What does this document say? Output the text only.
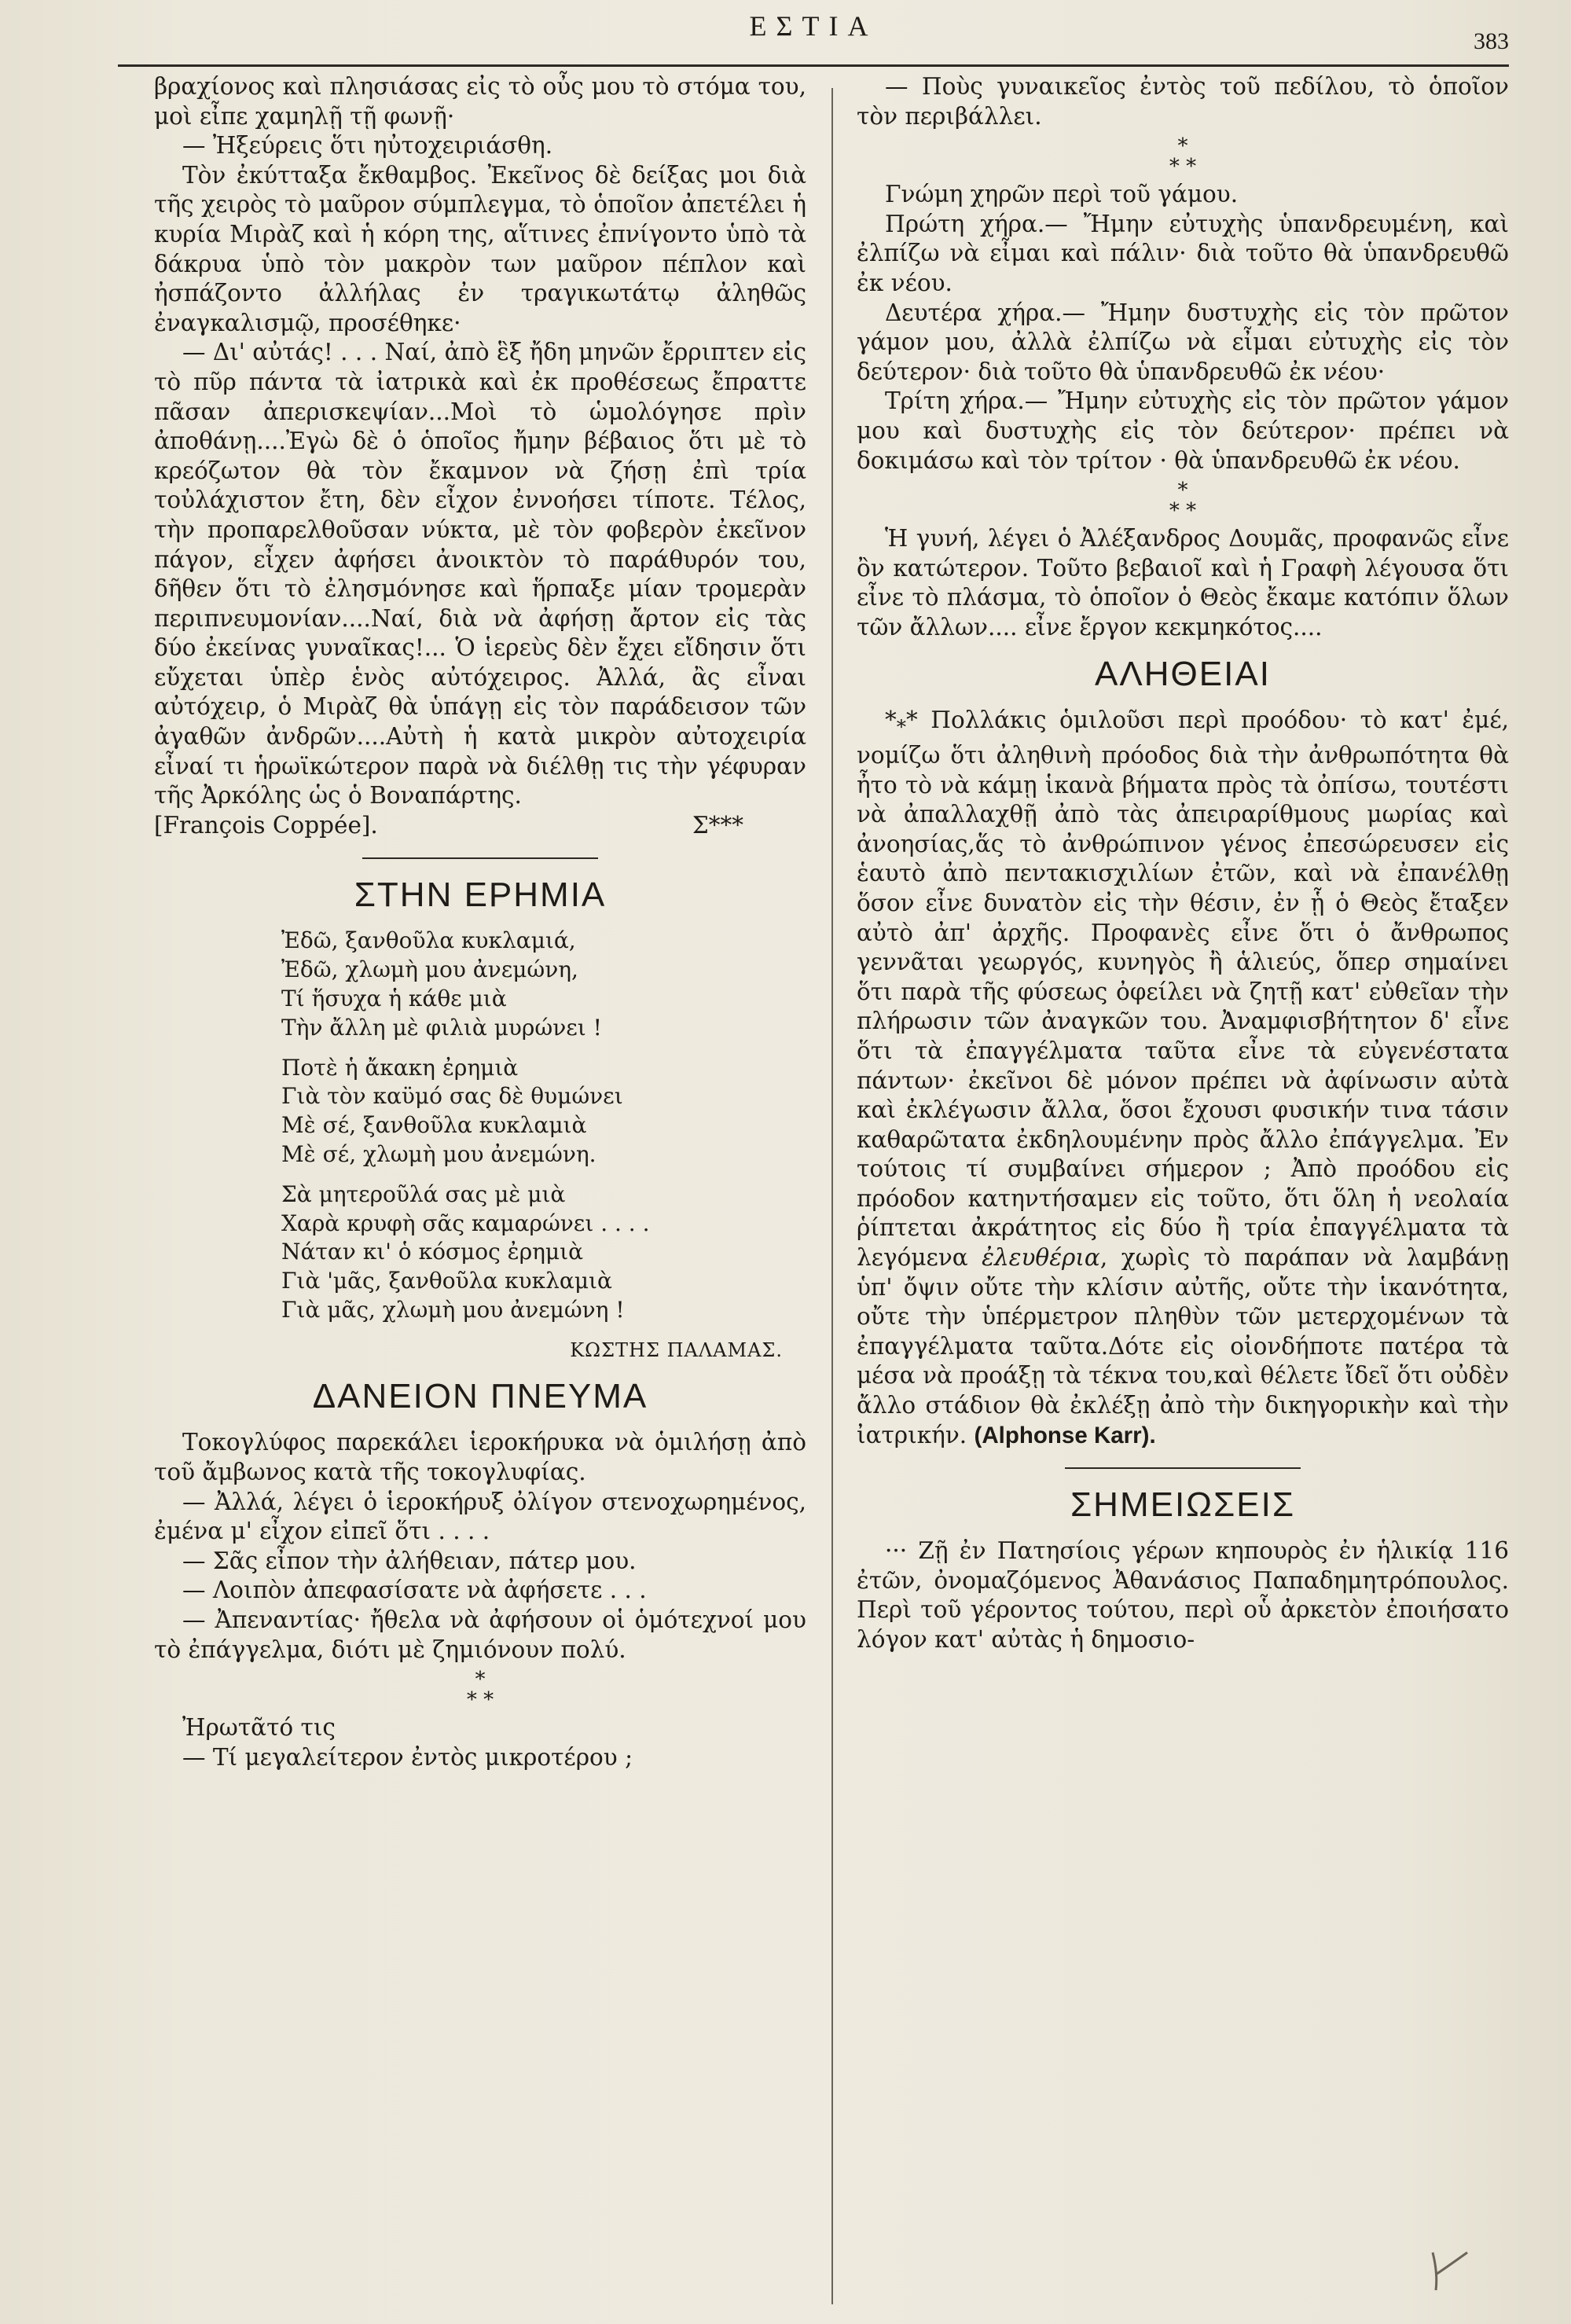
ΕΣΤΙΑ	383

βραχίονος καὶ πλησιάσας εἰς τὸ οὖς μου τὸ στόμα του, μοὶ εἶπε χαμηλῇ τῇ φωνῇ·

— Ἠξεύρεις ὅτι ηὐτοχειριάσθη.

Τὸν ἐκύτταξα ἔκθαμβος. Ἐκεῖνος δὲ δείξας μοι διὰ τῆς χειρὸς τὸ μαῦρον σύμπλεγμα, τὸ ὁποῖον ἀπετέλει ἡ κυρία Μιρὰζ καὶ ἡ κόρη της, αἵτινες ἐπνίγοντο ὑπὸ τὰ δάκρυα ὑπὸ τὸν μακρὸν των μαῦρον πέπλον καὶ ἠσπάζοντο ἀλλήλας ἐν τραγικωτάτῳ ἀληθῶς ἐναγκαλισμῷ, προσέθηκε·

— Δι' αὐτάς! . . . Ναί, ἀπὸ ἓξ ἤδη μηνῶν ἔρριπτεν εἰς τὸ πῦρ πάντα τὰ ἰατρικὰ καὶ ἐκ προθέσεως ἔπραττε πᾶσαν ἀπερισκεψίαν...Μοὶ τὸ ὡμολόγησε πρὶν ἀποθάνῃ....Ἐγὼ δὲ ὁ ὁποῖος ἤμην βέβαιος ὅτι μὲ τὸ κρεόζωτον θὰ τὸν ἔκαμνον νὰ ζήσῃ ἐπὶ τρία τοὐλάχιστον ἔτη, δὲν εἶχον ἐννοήσει τίποτε. Τέλος, τὴν προπαρελθοῦσαν νύκτα, μὲ τὸν φοβερὸν ἐκεῖνον πάγον, εἶχεν ἀφήσει ἀνοικτὸν τὸ παράθυρόν του, δῆθεν ὅτι τὸ ἐλησμόνησε καὶ ἥρπαξε μίαν τρομερὰν περιπνευμονίαν....Ναί, διὰ νὰ ἀφήσῃ ἄρτον εἰς τὰς δύο ἐκείνας γυναῖκας!... Ὁ ἱερεὺς δὲν ἔχει εἴδησιν ὅτι εὔχεται ὑπὲρ ἑνὸς αὐτόχειρος. Ἀλλά, ἂς εἶναι αὐτόχειρ, ὁ Μιρὰζ θὰ ὑπάγῃ εἰς τὸν παράδεισον τῶν ἀγαθῶν ἀνδρῶν....Αὐτὴ ἡ κατὰ μικρὸν αὐτοχειρία εἶναί τι ἡρωϊκώτερον παρὰ νὰ διέλθῃ τις τὴν γέφυραν τῆς Ἀρκόλης ὡς ὁ Βοναπάρτης.

[François Coppée].	Σ***
ΣΤΗΝ ΕΡΗΜΙΑ
Ἐδῶ, ξανθοῦλα κυκλαμιά,
Ἐδῶ, χλωμὴ μου ἀνεμώνη,
Τί ἥσυχα ἡ κάθε μιὰ
Τὴν ἄλλη μὲ φιλιὰ μυρώνει !
Ποτὲ ἡ ἄκακη ἐρημιὰ
Γιὰ τὸν καϋμό σας δὲ θυμώνει
Μὲ σέ, ξανθοῦλα κυκλαμιὰ
Μὲ σέ, χλωμὴ μου ἀνεμώνη.
Σὰ μητεροῦλά σας μὲ μιὰ
Χαρὰ κρυφὴ σᾶς καμαρώνει . . . .
Νάταν κι' ὁ κόσμος ἐρημιὰ
Γιὰ 'μᾶς, ξανθοῦλα κυκλαμιὰ
Γιὰ μᾶς, χλωμὴ μου ἀνεμώνη !
ΚΩΣΤΗΣ ΠΑΛΑΜΑΣ.
ΔΑΝΕΙΟΝ ΠΝΕΥΜΑ

Τοκογλύφος παρεκάλει ἱεροκήρυκα νὰ ὁμιλήσῃ ἀπὸ τοῦ ἄμβωνος κατὰ τῆς τοκογλυφίας.

— Ἀλλά, λέγει ὁ ἱεροκήρυξ ὀλίγον στενοχωρημένος, ἐμένα μ' εἶχον εἰπεῖ ὅτι . . . .

— Σᾶς εἶπον τὴν ἀλήθειαν, πάτερ μου.

— Λοιπὸν ἀπεφασίσατε νὰ ἀφήσετε . . .

— Ἀπεναντίας· ἤθελα νὰ ἀφήσουν οἱ ὁμότεχνοί μου τὸ ἐπάγγελμα, διότι μὲ ζημιόνουν πολύ.

*
* *

Ἠρωτᾶτό τις

— Τί μεγαλείτερον ἐντὸς μικροτέρου ;

— Ποὺς γυναικεῖος ἐντὸς τοῦ πεδίλου, τὸ ὁποῖον τὸν περιβάλλει.

*
* *

Γνώμη χηρῶν περὶ τοῦ γάμου.

Πρώτη χήρα.— Ἤμην εὐτυχὴς ὑπανδρευμένη, καὶ ἐλπίζω νὰ εἶμαι καὶ πάλιν· διὰ τοῦτο θὰ ὑπανδρευθῶ ἐκ νέου.

Δευτέρα χήρα.— Ἤμην δυστυχὴς εἰς τὸν πρῶτον γάμον μου, ἀλλὰ ἐλπίζω νὰ εἶμαι εὐτυχὴς εἰς τὸν δεύτερον· διὰ τοῦτο θὰ ὑπανδρευθῶ ἐκ νέου·

Τρίτη χήρα.— Ἤμην εὐτυχὴς εἰς τὸν πρῶτον γάμον μου καὶ δυστυχὴς εἰς τὸν δεύτερον· πρέπει νὰ δοκιμάσω καὶ τὸν τρίτον · θὰ ὑπανδρευθῶ ἐκ νέου.

*
* *

Ἡ γυνή, λέγει ὁ Ἀλέξανδρος Δουμᾶς, προφανῶς εἶνε ὂν κατώτερον. Τοῦτο βεβαιοῖ καὶ ἡ Γραφὴ λέγουσα ὅτι εἶνε τὸ πλάσμα, τὸ ὁποῖον ὁ Θεὸς ἔκαμε κατόπιν ὅλων τῶν ἄλλων.... εἶνε ἔργον κεκμηκότος....

ΑΛΗΘΕΙΑΙ

$*_**$ Πολλάκις ὁμιλοῦσι περὶ προόδου· τὸ κατ' ἐμέ, νομίζω ὅτι ἀληθινὴ πρόοδος διὰ τὴν ἀνθρωπότητα θὰ ἦτο τὸ νὰ κάμῃ ἱκανὰ βήματα πρὸς τὰ ὀπίσω, τουτέστι νὰ ἀπαλλαχθῇ ἀπὸ τὰς ἀπειραρίθμους μωρίας καὶ ἀνοησίας,ἅς τὸ ἀνθρώπινον γένος ἐπεσώρευσεν εἰς ἑαυτὸ ἀπὸ πεντακισχιλίων ἐτῶν, καὶ νὰ ἐπανέλθῃ ὅσον εἶνε δυνατὸν εἰς τὴν θέσιν, ἐν ᾗ ὁ Θεὸς ἔταξεν αὐτὸ ἀπ' ἀρχῆς. Προφανὲς εἶνε ὅτι ὁ ἄνθρωπος γεννᾶται γεωργός, κυνηγὸς ἢ ἁλιεύς, ὅπερ σημαίνει ὅτι παρὰ τῆς φύσεως ὀφείλει νὰ ζητῇ κατ' εὐθεῖαν τὴν πλήρωσιν τῶν ἀναγκῶν του. Ἀναμφισβήτητον δ' εἶνε ὅτι τὰ ἐπαγγέλματα ταῦτα εἶνε τὰ εὐγενέστατα πάντων· ἐκεῖνοι δὲ μόνον πρέπει νὰ ἀφίνωσιν αὐτὰ καὶ ἐκλέγωσιν ἄλλα, ὅσοι ἔχουσι φυσικήν τινα τάσιν καθαρῶτατα ἐκδηλουμένην πρὸς ἄλλο ἐπάγγελμα. Ἐν τούτοις τί συμβαίνει σήμερον ; Ἀπὸ προόδου εἰς πρόοδον κατηντήσαμεν εἰς τοῦτο, ὅτι ὅλη ἡ νεολαία ῥίπτεται ἀκράτητος εἰς δύο ἢ τρία ἐπαγγέλματα τὰ λεγόμενα ἐλευθέρια, χωρὶς τὸ παράπαν νὰ λαμβάνῃ ὑπ' ὄψιν οὔτε τὴν κλίσιν αὐτῆς, οὔτε τὴν ἱκανότητα, οὔτε τὴν ὑπέρμετρον πληθὺν τῶν μετερχομένων τὰ ἐπαγγέλματα ταῦτα.Δότε εἰς οἰονδήποτε πατέρα τὰ μέσα νὰ προάξῃ τὰ τέκνα του,καὶ θέλετε ἴδεῖ ὅτι οὐδὲν ἄλλο στάδιον θὰ ἐκλέξῃ ἀπὸ τὴν δικηγορικὴν καὶ τὴν ἰατρικήν. (Alphonse Karr).

ΣΗΜΕΙΩΣΕΙΣ

··· Ζῇ ἐν Πατησίοις γέρων κηπουρὸς ἐν ἡλικίᾳ 116 ἐτῶν, ὀνομαζόμενος Ἀθανάσιος Παπαδημητρόπουλος. Περὶ τοῦ γέροντος τούτου, περὶ οὗ ἀρκετὸν ἐποιήσατο λόγον κατ' αὐτὰς ἡ δημοσιο-
